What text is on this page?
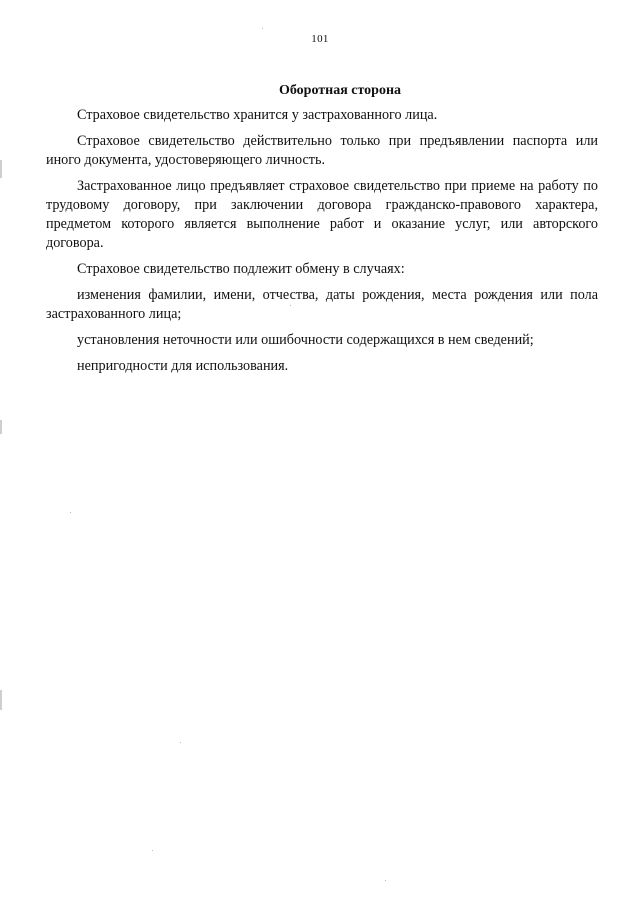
101
Оборотная сторона

Страховое свидетельство хранится у застрахованного лица.

Страховое свидетельство действительно только при предъявлении паспорта или иного документа, удостоверяющего личность.

Застрахованное лицо предъявляет страховое свидетельство при приеме на работу по трудовому договору, при заключении договора гражданско-правового характера, предметом которого является выполнение работ и оказание услуг, или авторского договора.

Страховое свидетельство подлежит обмену в случаях:

изменения фамилии, имени, отчества, даты рождения, места рождения или пола застрахованного лица;

установления неточности или ошибочности содержащихся в нем сведений;

непригодности для использования.
